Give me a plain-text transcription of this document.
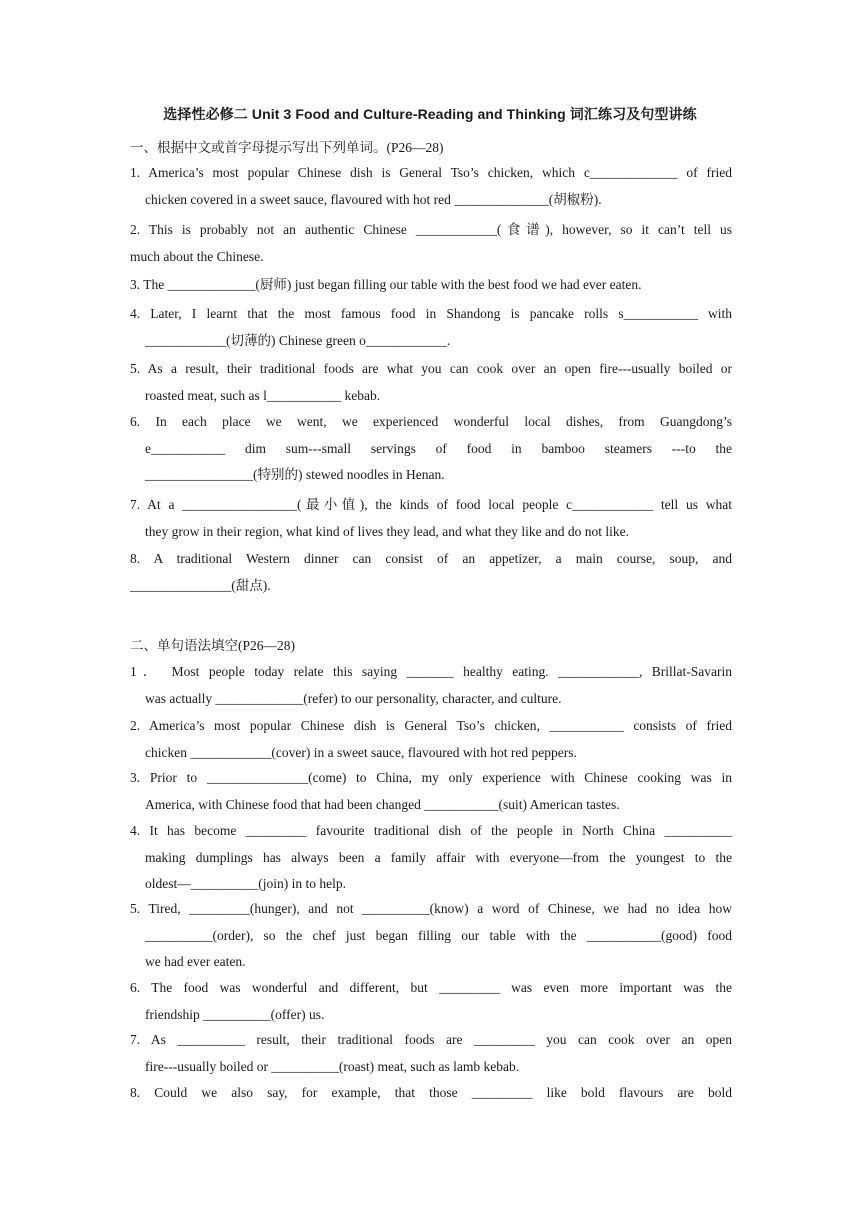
选择性必修二 Unit 3 Food and Culture-Reading and Thinking 词汇练习及句型讲练
一、根据中文或首字母提示写出下列单词。(P26—28)
1. America’s most popular Chinese dish is General Tso’s chicken, which c_____________ of fried
chicken covered in a sweet sauce, flavoured with hot red ______________(胡椒粉).
2. This is probably not an authentic Chinese ____________(食谱), however, so it can’t tell us
much about the Chinese.
3. The _____________(厨师) just began filling our table with the best food we had ever eaten.
4. Later, I learnt that the most famous food in Shandong is pancake rolls s___________ with
____________(切薄的) Chinese green o____________.
5. As a result, their traditional foods are what you can cook over an open fire---usually boiled or
roasted meat, such as l___________ kebab.
6. In each place we went, we experienced wonderful local dishes, from Guangdong’s
e___________ dim sum---small servings of food in bamboo steamers ---to the
________________(特别的) stewed noodles in Henan.
7. At a _________________(最小值), the kinds of food local people c____________ tell us what
they grow in their region, what kind of lives they lead, and what they like and do not like.
8. A traditional Western dinner can consist of an appetizer, a main course, soup, and
_______________(甜点).
二、单句语法填空(P26—28)
1． Most people today relate this saying _______ healthy eating. ____________, Brillat-Savarin
was actually _____________(refer) to our personality, character, and culture.
2. America’s most popular Chinese dish is General Tso’s chicken, ___________ consists of fried
chicken ____________(cover) in a sweet sauce, flavoured with hot red peppers.
3. Prior to _______________(come) to China, my only experience with Chinese cooking was in
America, with Chinese food that had been changed ___________(suit) American tastes.
4. It has become _________ favourite traditional dish of the people in North China __________
making dumplings has always been a family affair with everyone—from the youngest to the
oldest—__________(join) in to help.
5. Tired, _________(hunger), and not __________(know) a word of Chinese, we had no idea how
__________(order), so the chef just began filling our table with the ___________(good) food
we had ever eaten.
6. The food was wonderful and different, but _________ was even more important was the
friendship __________(offer) us.
7. As __________ result, their traditional foods are _________ you can cook over an open
fire---usually boiled or __________(roast) meat, such as lamb kebab.
8. Could we also say, for example, that those _________ like bold flavours are bold
